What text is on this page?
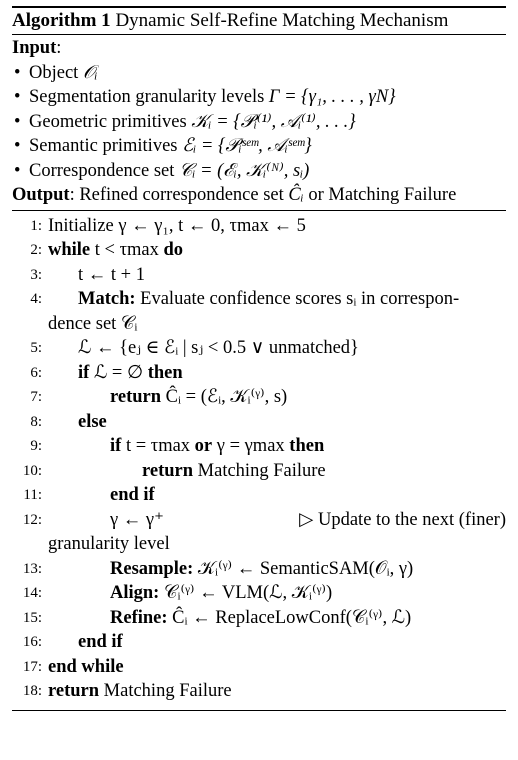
Algorithm 1 Dynamic Self-Refine Matching Mechanism
Input:
• Object 𝒪ᵢ
• Segmentation granularity levels Γ = {γ₁, . . . , γN}
• Geometric primitives 𝒦ᵢ = {𝒫ᵢ⁽¹⁾, 𝒜ᵢ⁽¹⁾, . . .}
• Semantic primitives ℰᵢ = {𝒫ᵢˢᵉᵐ, 𝒜ᵢˢᵉᵐ}
• Correspondence set 𝒞ᵢ = (ℰᵢ, 𝒦ᵢ⁽ᴺ⁾, sᵢ)
Output: Refined correspondence set Ĉᵢ or Matching Failure
1: Initialize γ ← γ₁, t ← 0, τmax ← 5
2: while t < τmax do
3:	t ← t + 1
4:	Match: Evaluate confidence scores sᵢ in correspon-
dence set 𝒞ᵢ
5:	ℒ ← {eⱼ ∈ ℰᵢ | sⱼ < 0.5 ∨ unmatched}
6:	if ℒ = ∅ then
7:	return Ĉᵢ = (ℰᵢ, 𝒦ᵢ⁽ᵞ⁾, s)
8:	else
9:	if t = τmax or γ = γmax then
10:	return Matching Failure
11:	end if
12:	γ ← γ⁺	▷ Update to the next (finer)
granularity level
13:	Resample: 𝒦ᵢ⁽ᵞ⁾ ← SemanticSAM(𝒪ᵢ, γ)
14:	Align: 𝒞ᵢ⁽ᵞ⁾ ← VLM(ℒ, 𝒦ᵢ⁽ᵞ⁾)
15:	Refine: Ĉᵢ ← ReplaceLowConf(𝒞ᵢ⁽ᵞ⁾, ℒ)
16:	end if
17: end while
18: return Matching Failure
